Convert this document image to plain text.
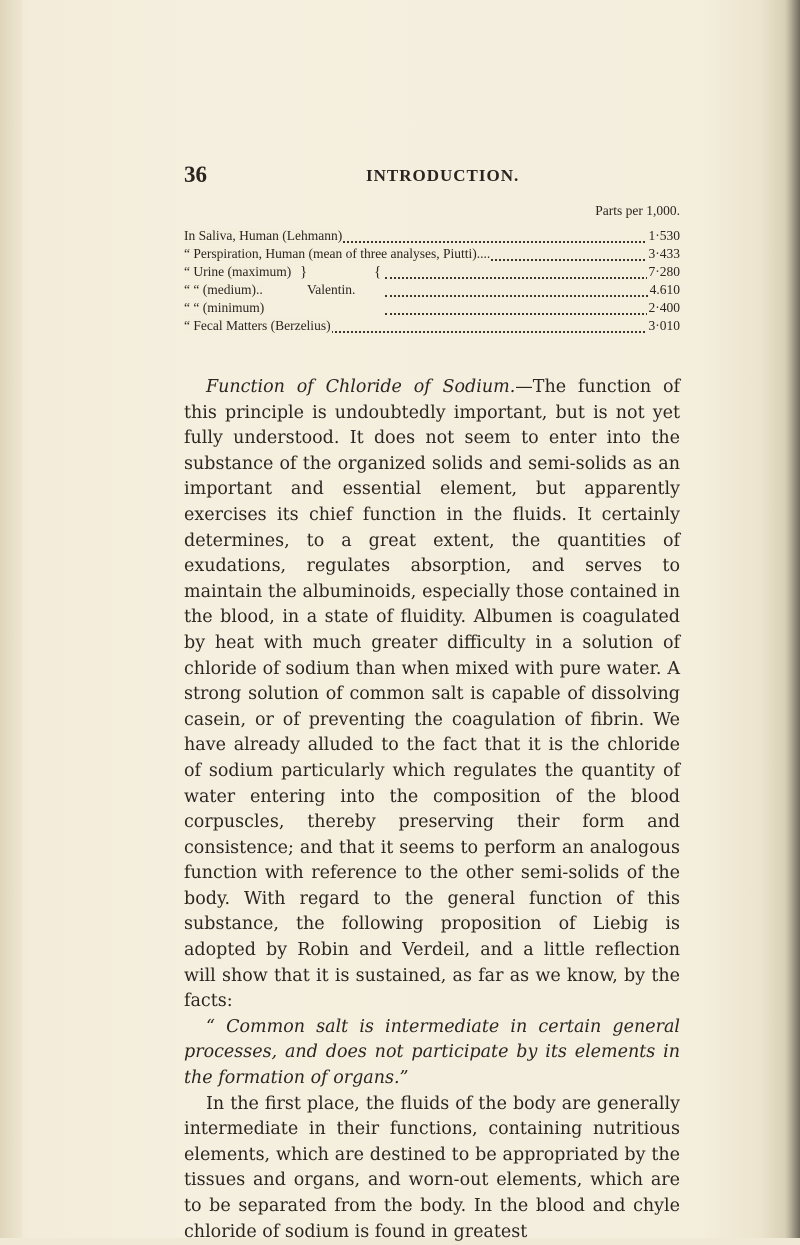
36	INTRODUCTION.
Parts per 1,000.
In Saliva, Human (Lehmann)	1·530
“ Perspiration, Human (mean of three analyses, Piutti)....	3·433
“ Urine (maximum)	7·280
“ “ (medium)..	4.610
“ “ (minimum)	2·400
}
Valentin.
{
“ Fecal Matters (Berzelius)	3·010

Function of Chloride of Sodium.—The function of this principle is undoubtedly important, but is not yet fully understood. It does not seem to enter into the substance of the organized solids and semi-solids as an important and essential element, but apparently exercises its chief function in the fluids. It certainly determines, to a great extent, the quantities of exudations, regulates absorption, and serves to maintain the albuminoids, especially those contained in the blood, in a state of fluidity. Albumen is coagulated by heat with much greater difficulty in a solution of chloride of sodium than when mixed with pure water. A strong solution of common salt is capable of dissolving casein, or of preventing the coagulation of fibrin. We have already alluded to the fact that it is the chloride of sodium particularly which regulates the quantity of water entering into the composition of the blood corpuscles, thereby preserving their form and consistence; and that it seems to perform an analogous function with reference to the other semi-solids of the body. With regard to the general function of this substance, the following proposition of Liebig is adopted by Robin and Verdeil, and a little reflection will show that it is sustained, as far as we know, by the facts:

“ Common salt is intermediate in certain general processes, and does not participate by its elements in the formation of organs.”

In the first place, the fluids of the body are generally intermediate in their functions, containing nutritious elements, which are destined to be appropriated by the tissues and organs, and worn-out elements, which are to be separated from the body. In the blood and chyle chloride of sodium is found in greatest
